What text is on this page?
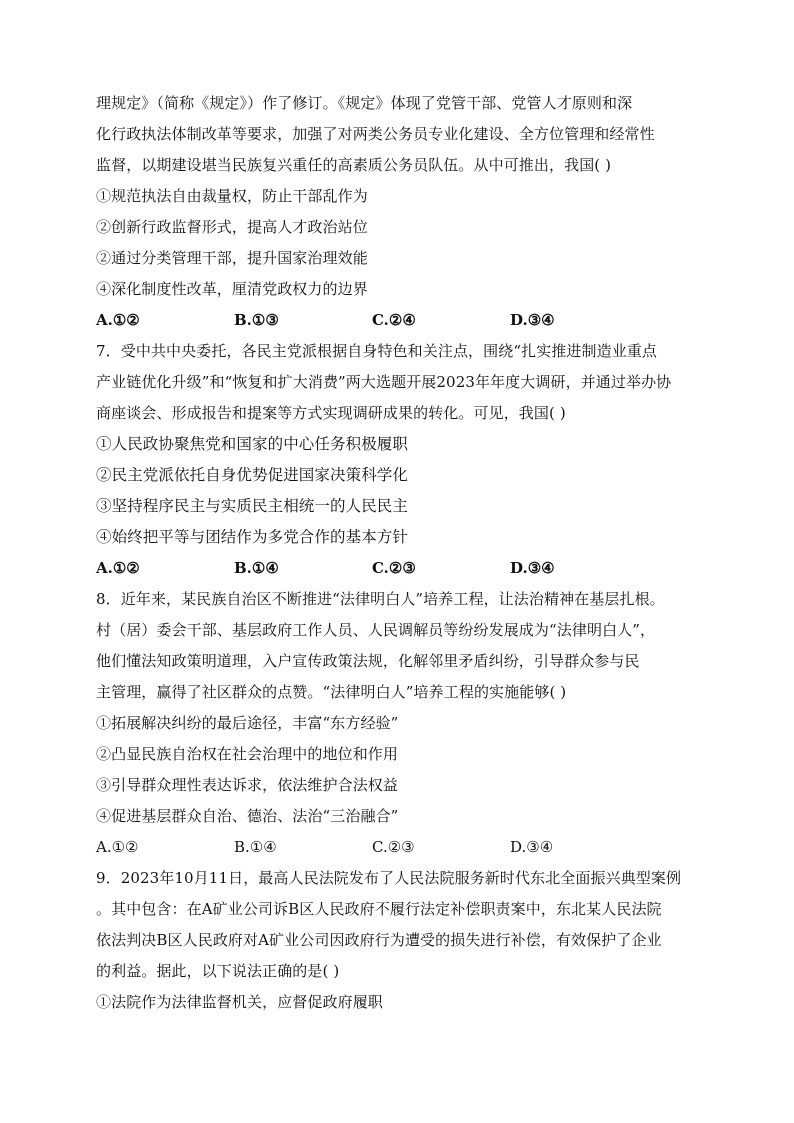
理规定》（简称《规定》）作了修订。《规定》体现了党管干部、党管人才原则和深
化行政执法体制改革等要求，加强了对两类公务员专业化建设、全方位管理和经常性
监督，以期建设堪当民族复兴重任的高素质公务员队伍。从中可推出，我国( )
①规范执法自由裁量权，防止干部乱作为
②创新行政监督形式，提高人才政治站位
②通过分类管理干部，提升国家治理效能
④深化制度性改革，厘清党政权力的边界
A.①②	B.①③	C.②④	D.③④
7．受中共中央委托，各民主党派根据自身特色和关注点，围绕“扎实推进制造业重点
产业链优化升级”和“恢复和扩大消费”两大选题开展2023年年度大调研，并通过举办协
商座谈会、形成报告和提案等方式实现调研成果的转化。可见，我国( )
①人民政协聚焦党和国家的中心任务积极履职
②民主党派依托自身优势促进国家决策科学化
③坚持程序民主与实质民主相统一的人民民主
④始终把平等与团结作为多党合作的基本方针
A.①②	B.①④	C.②③	D.③④
8．近年来，某民族自治区不断推进“法律明白人”培养工程，让法治精神在基层扎根。
村（居）委会干部、基层政府工作人员、人民调解员等纷纷发展成为“法律明白人”，
他们懂法知政策明道理，入户宣传政策法规，化解邻里矛盾纠纷，引导群众参与民
主管理，赢得了社区群众的点赞。“法律明白人”培养工程的实施能够( )
①拓展解决纠纷的最后途径，丰富“东方经验”
②凸显民族自治权在社会治理中的地位和作用
③引导群众理性表达诉求，依法维护合法权益
④促进基层群众自治、德治、法治“三治融合”
A.①②	B.①④	C.②③	D.③④
9．2023年10月11日，最高人民法院发布了人民法院服务新时代东北全面振兴典型案例
。其中包含：在A矿业公司诉B区人民政府不履行法定补偿职责案中，东北某人民法院
依法判决B区人民政府对A矿业公司因政府行为遭受的损失进行补偿，有效保护了企业
的利益。据此，以下说法正确的是( )
①法院作为法律监督机关，应督促政府履职
